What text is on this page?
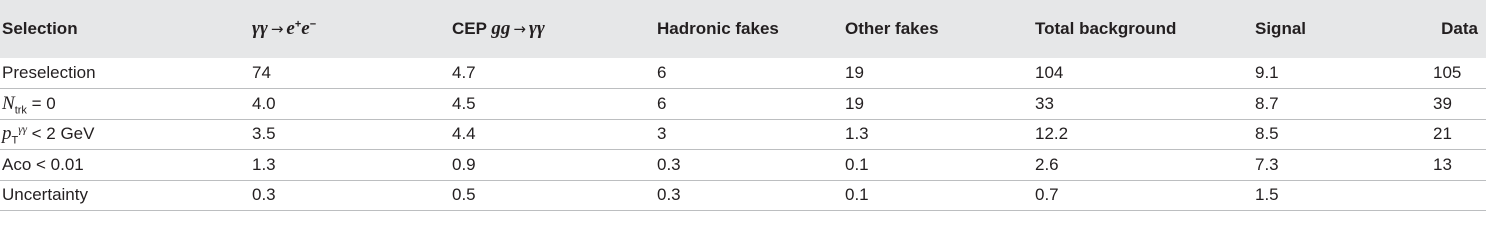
Selection	γγ → e+e−	CEP gg → γγ	Hadronic fakes	Other fakes	Total background	Signal	Data
Preselection	74	4.7	6	19	104	9.1	105
$N_{trk} = 0$	4.0	4.5	6	19	33	8.7	39
$p_T^{\gamma\gamma} < 2$ GeV	3.5	4.4	3	1.3	12.2	8.5	21
Aco < 0.01	1.3	0.9	0.3	0.1	2.6	7.3	13
Uncertainty	0.3	0.5	0.3	0.1	0.7	1.5	
